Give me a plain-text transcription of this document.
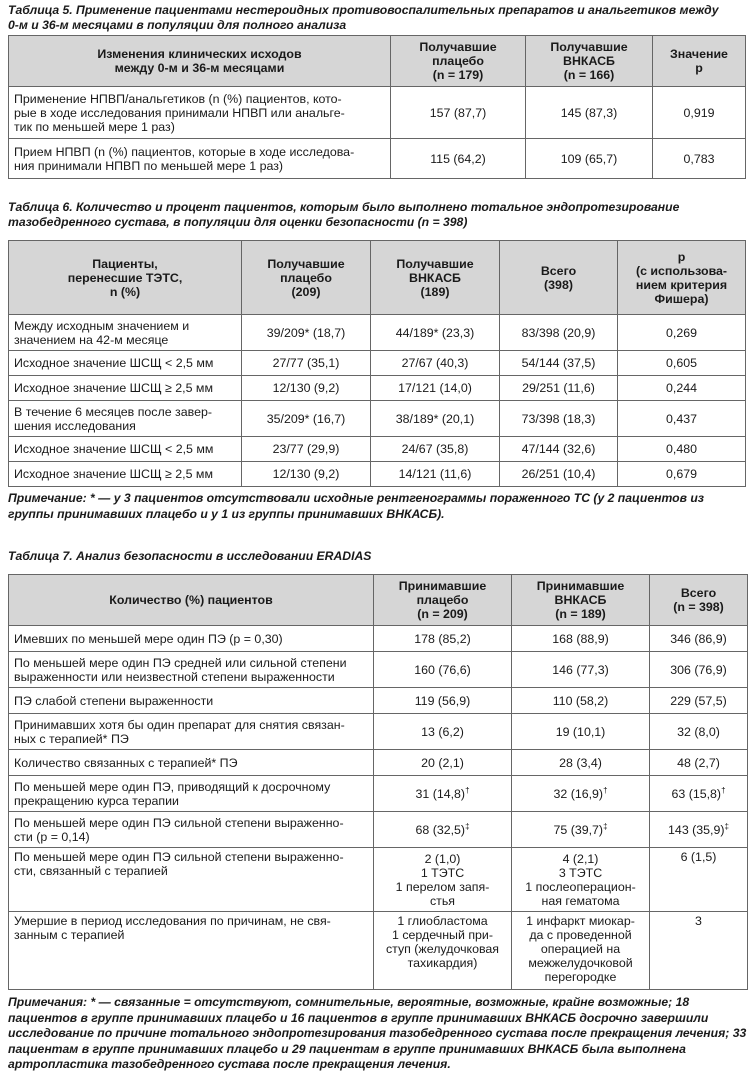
Таблица 5. Применение пациентами нестероидных противовоспалительных препаратов и анальгетиков между
0-м и 36-м месяцами в популяции для полного анализа
Изменения клинических исходов
между 0-м и 36-м месяцами	Получавшие
плацебо
(n = 179)	Получавшие
ВНКАСБ
(n = 166)	Значение
p
Применение НПВП/анальгетиков (n (%) пациентов, кото-
рые в ходе исследования принимали НПВП или анальге-
тик по меньшей мере 1 раз)	157 (87,7)	145 (87,3)	0,919
Прием НПВП (n (%) пациентов, которые в ходе исследова-
ния принимали НПВП по меньшей мере 1 раз)	115 (64,2)	109 (65,7)	0,783
Таблица 6. Количество и процент пациентов, которым было выполнено тотальное эндопротезирование
тазобедренного сустава, в популяции для оценки безопасности (n = 398)
Пациенты,
перенесшие ТЭТС,
n (%)	Получавшие
плацебо
(209)	Получавшие
ВНКАСБ
(189)	Всего
(398)	p
(с использова-
нием критерия
Фишера)
Между исходным значением и
значением на 42-м месяце	39/209* (18,7)	44/189* (23,3)	83/398 (20,9)	0,269
Исходное значение ШСЩ < 2,5 мм	27/77 (35,1)	27/67 (40,3)	54/144 (37,5)	0,605
Исходное значение ШСЩ ≥ 2,5 мм	12/130 (9,2)	17/121 (14,0)	29/251 (11,6)	0,244
В течение 6 месяцев после завер-
шения исследования	35/209* (16,7)	38/189* (20,1)	73/398 (18,3)	0,437
Исходное значение ШСЩ < 2,5 мм	23/77 (29,9)	24/67 (35,8)	47/144 (32,6)	0,480
Исходное значение ШСЩ ≥ 2,5 мм	12/130 (9,2)	14/121 (11,6)	26/251 (10,4)	0,679
Примечание: * — у 3 пациентов отсутствовали исходные рентгенограммы пораженного ТС (у 2 пациентов из группы принимавших плацебо и у 1 из группы принимавших ВНКАСБ).
Таблица 7. Анализ безопасности в исследовании ERADIAS
Количество (%) пациентов	Принимавшие
плацебо
(n = 209)	Принимавшие
ВНКАСБ
(n = 189)	Всего
(n = 398)
Имевших по меньшей мере один ПЭ (p = 0,30)	178 (85,2)	168 (88,9)	346 (86,9)
По меньшей мере один ПЭ средней или сильной степени
выраженности или неизвестной степени выраженности	160 (76,6)	146 (77,3)	306 (76,9)
ПЭ слабой степени выраженности	119 (56,9)	110 (58,2)	229 (57,5)
Принимавших хотя бы один препарат для снятия связан-
ных с терапией* ПЭ	13 (6,2)	19 (10,1)	32 (8,0)
Количество связанных с терапией* ПЭ	20 (2,1)	28 (3,4)	48 (2,7)
По меньшей мере один ПЭ, приводящий к досрочному
прекращению курса терапии	31 (14,8)†	32 (16,9)†	63 (15,8)†
По меньшей мере один ПЭ сильной степени выраженно-
сти (p = 0,14)	68 (32,5)‡	75 (39,7)‡	143 (35,9)‡
По меньшей мере один ПЭ сильной степени выраженно-
сти, связанный с терапией	2 (1,0)
1 ТЭТС
1 перелом запя-
стья	4 (2,1)
3 ТЭТС
1 послеоперацион-
ная гематома	6 (1,5)
Умершие в период исследования по причинам, не свя-
занным с терапией	1 глиобластома
1 сердечный при-
ступ (желудочковая
тахикардия)	1 инфаркт миокар-
да с проведенной
операцией на
межжелудочковой
перегородке	3
Примечания: * — связанные = отсутствуют, сомнительные, вероятные, возможные, крайне возможные; 18 пациентов в группе принимавших плацебо и 16 пациентов в группе принимавших ВНКАСБ досрочно завершили исследование по причине тотального эндопротезирования тазобедренного сустава после прекращения лечения; 33 пациентам в группе принимавших плацебо и 29 пациентам в группе принимавших ВНКАСБ была выполнена артропластика тазобедренного сустава после прекращения лечения.
